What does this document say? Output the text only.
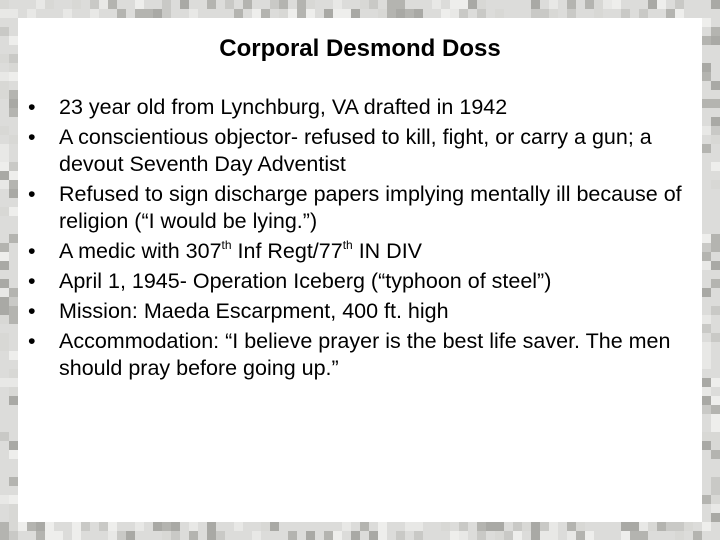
Corporal Desmond Doss
•	23 year old from Lynchburg, VA drafted in 1942
•	A conscientious objector- refused to kill, fight, or carry a gun; a devout Seventh Day Adventist
•	Refused to sign discharge papers implying mentally ill because of religion (“I would be lying.”)
•	A medic with 307th Inf Regt/77th IN DIV
•	April 1, 1945- Operation Iceberg (“typhoon of steel”)
•	Mission: Maeda Escarpment, 400 ft. high
•	Accommodation: “I believe prayer is the best life saver. The men should pray before going up.”
